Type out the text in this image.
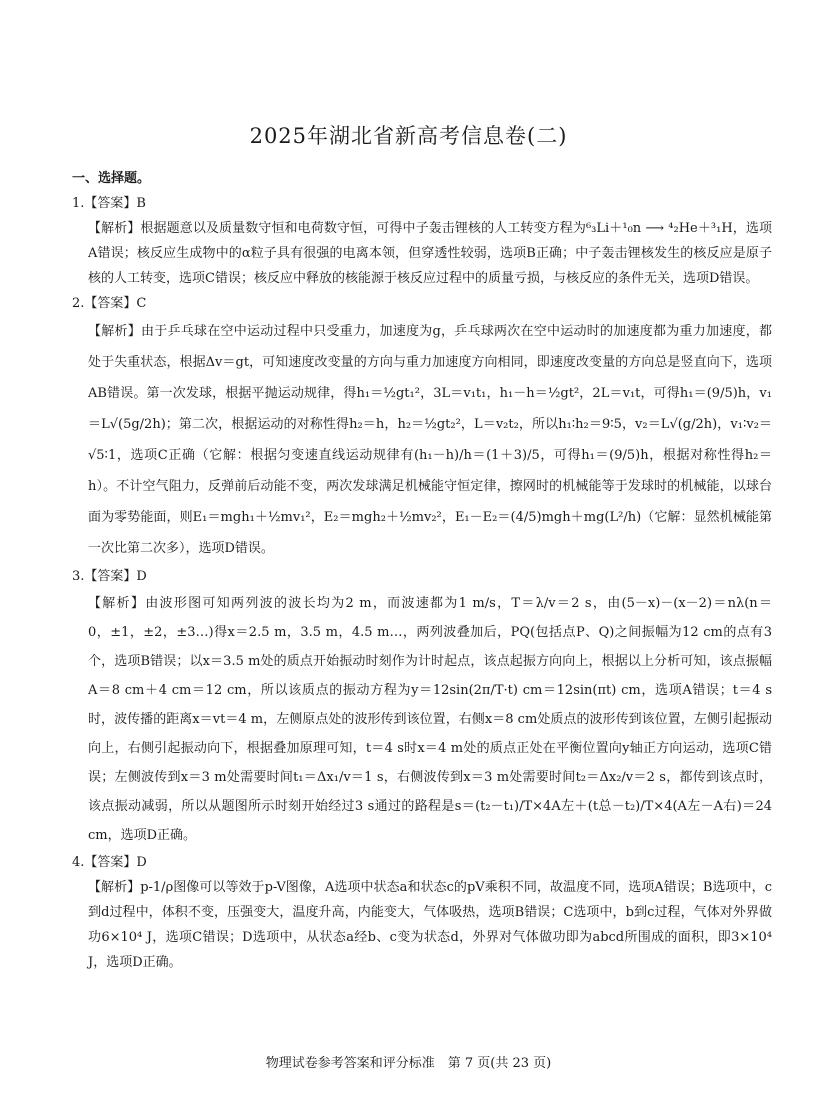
2025年湖北省新高考信息卷(二)
一、选择题。

1.【答案】B

【解析】根据题意以及质量数守恒和电荷数守恒，可得中子轰击锂核的人工转变方程为⁶₃Li＋¹₀n ⟶ ⁴₂He＋³₁H，选项A错误；核反应生成物中的α粒子具有很强的电离本领，但穿透性较弱，选项B正确；中子轰击锂核发生的核反应是原子核的人工转变，选项C错误；核反应中释放的核能源于核反应过程中的质量亏损，与核反应的条件无关，选项D错误。

2.【答案】C

【解析】由于乒乓球在空中运动过程中只受重力，加速度为g，乒乓球两次在空中运动时的加速度都为重力加速度，都处于失重状态，根据Δv＝gt，可知速度改变量的方向与重力加速度方向相同，即速度改变量的方向总是竖直向下，选项AB错误。第一次发球，根据平抛运动规律，得h₁＝½gt₁²，3L＝v₁t₁，h₁－h＝½gt²，2L＝v₁t，可得h₁＝(9/5)h，v₁＝L√(5g/2h)；第二次，根据运动的对称性得h₂＝h，h₂＝½gt₂²，L＝v₂t₂，所以h₁∶h₂＝9∶5，v₂＝L√(g/2h)，v₁∶v₂＝√5∶1，选项C正确（它解：根据匀变速直线运动规律有(h₁－h)/h＝(1＋3)/5，可得h₁＝(9/5)h，根据对称性得h₂＝h）。不计空气阻力，反弹前后动能不变，两次发球满足机械能守恒定律，擦网时的机械能等于发球时的机械能，以球台面为零势能面，则E₁＝mgh₁＋½mv₁²，E₂＝mgh₂＋½mv₂²，E₁－E₂＝(4/5)mgh＋mg(L²/h)（它解：显然机械能第一次比第二次多），选项D错误。

3.【答案】D

【解析】由波形图可知两列波的波长均为2 m，而波速都为1 m/s，T＝λ/v＝2 s，由(5－x)－(x－2)＝nλ(n＝0，±1，±2，±3…)得x＝2.5 m，3.5 m，4.5 m…，两列波叠加后，PQ(包括点P、Q)之间振幅为12 cm的点有3个，选项B错误；以x＝3.5 m处的质点开始振动时刻作为计时起点，该点起振方向向上，根据以上分析可知，该点振幅A＝8 cm＋4 cm＝12 cm，所以该质点的振动方程为y＝12sin(2π/T·t) cm＝12sin(πt) cm，选项A错误；t＝4 s时，波传播的距离x＝vt＝4 m，左侧原点处的波形传到该位置，右侧x＝8 cm处质点的波形传到该位置，左侧引起振动向上，右侧引起振动向下，根据叠加原理可知，t＝4 s时x＝4 m处的质点正处在平衡位置向y轴正方向运动，选项C错误；左侧波传到x＝3 m处需要时间t₁＝Δx₁/v＝1 s，右侧波传到x＝3 m处需要时间t₂＝Δx₂/v＝2 s，都传到该点时，该点振动减弱，所以从题图所示时刻开始经过3 s通过的路程是s＝(t₂－t₁)/T×4A左＋(t总－t₂)/T×4(A左－A右)＝24 cm，选项D正确。

4.【答案】D

【解析】p-1/ρ图像可以等效于p-V图像，A选项中状态a和状态c的pV乘积不同，故温度不同，选项A错误；B选项中，c到d过程中，体积不变，压强变大，温度升高，内能变大，气体吸热，选项B错误；C选项中，b到c过程，气体对外界做功6×10⁴ J，选项C错误；D选项中，从状态a经b、c变为状态d，外界对气体做功即为abcd所围成的面积，即3×10⁴ J，选项D正确。

物理试卷参考答案和评分标准　第 7 页(共 23 页)
